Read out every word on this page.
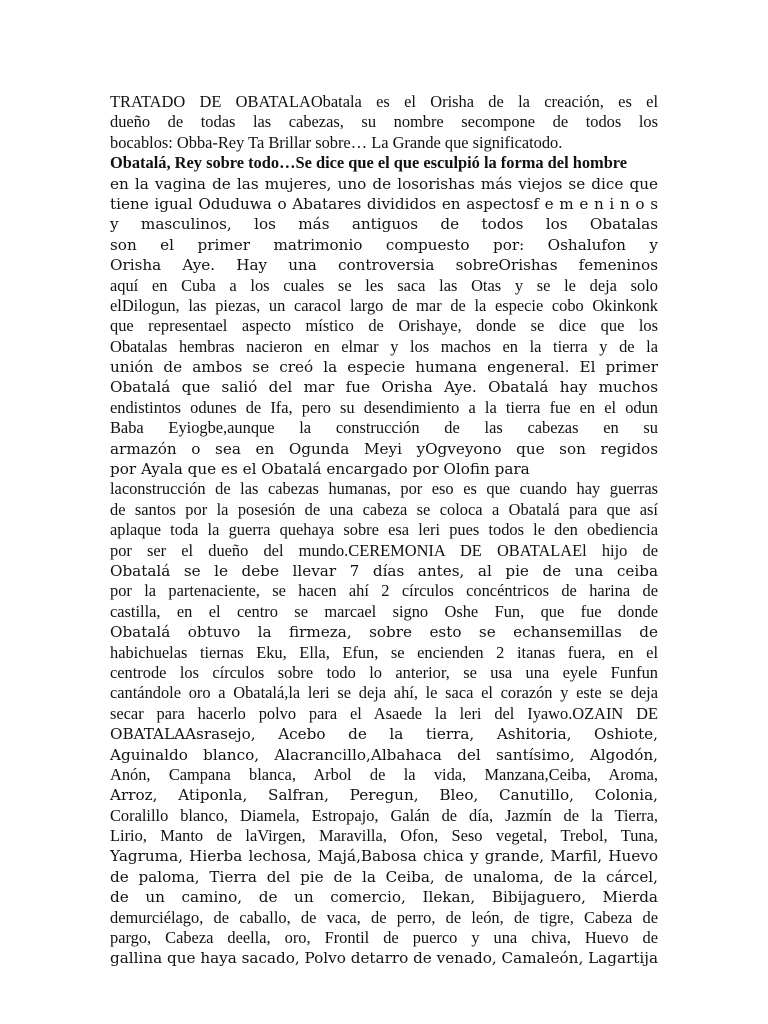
TRATADO DE OBATALAObatala es el Orisha de la creación, es el
dueño de todas las cabezas, su nombre secompone de todos los
bocablos: Obba-Rey Ta Brillar sobre… La Grande que significatodo.
Obatalá, Rey sobre todo…Se dice que el que esculpió la forma del hombre
en la vagina de las mujeres, uno de losorishas más viejos se dice que
tiene igual Oduduwa o Abatares divididos en aspectosf e m e n i n o s
y masculinos, los más antiguos de todos los Obatalas
son el primer matrimonio compuesto por: Oshalufon y
Orisha Aye. Hay una controversia sobreOrishas femeninos
aquí en Cuba a los cuales se les saca las Otas y se le deja solo
elDilogun, las piezas, un caracol largo de mar de la especie cobo Okinkonk
que representael aspecto místico de Orishaye, donde se dice que los
Obatalas hembras nacieron en elmar y los machos en la tierra y de la
unión de ambos se creó la especie humana engeneral. El primer
Obatalá que salió del mar fue Orisha Aye. Obatalá hay muchos
endistintos odunes de Ifa, pero su desendimiento a la tierra fue en el odun
Baba Eyiogbe,aunque la construcción de las cabezas en su
armazón o sea en Ogunda Meyi yOgveyono que son regidos
por Ayala que es el Obatalá encargado por Olofin para
laconstrucción de las cabezas humanas, por eso es que cuando hay guerras
de santos por la posesión de una cabeza se coloca a Obatalá para que así
aplaque toda la guerra quehaya sobre esa leri pues todos le den obediencia
por ser el dueño del mundo.CEREMONIA DE OBATALAEl hijo de
Obatalá se le debe llevar 7 días antes, al pie de una ceiba
por la partenaciente, se hacen ahí 2 círculos concéntricos de harina de
castilla, en el centro se marcael signo Oshe Fun, que fue donde
Obatalá obtuvo la firmeza, sobre esto se echansemillas de
habichuelas tiernas Eku, Ella, Efun, se encienden 2 itanas fuera, en el
centrode los círculos sobre todo lo anterior, se usa una eyele Funfun
cantándole oro a Obatalá,la leri se deja ahí, le saca el corazón y este se deja
secar para hacerlo polvo para el Asaede la leri del Iyawo.OZAIN DE
OBATALAAsrasejo, Acebo de la tierra, Ashitoria, Oshiote,
Aguinaldo blanco, Alacrancillo,Albahaca del santísimo, Algodón,
Anón, Campana blanca, Arbol de la vida, Manzana,Ceiba, Aroma,
Arroz, Atiponla, Salfran, Peregun, Bleo, Canutillo, Colonia,
Coralillo blanco, Diamela, Estropajo, Galán de día, Jazmín de la Tierra,
Lirio, Manto de laVirgen, Maravilla, Ofon, Seso vegetal, Trebol, Tuna,
Yagruma, Hierba lechosa, Majá,Babosa chica y grande, Marfil, Huevo
de paloma, Tierra del pie de la Ceiba, de unaloma, de la cárcel,
de un camino, de un comercio, Ilekan, Bibijaguero, Mierda
demurciélago, de caballo, de vaca, de perro, de león, de tigre, Cabeza de
pargo, Cabeza deella, oro, Frontil de puerco y una chiva, Huevo de
gallina que haya sacado, Polvo detarro de venado, Camaleón, Lagartija
